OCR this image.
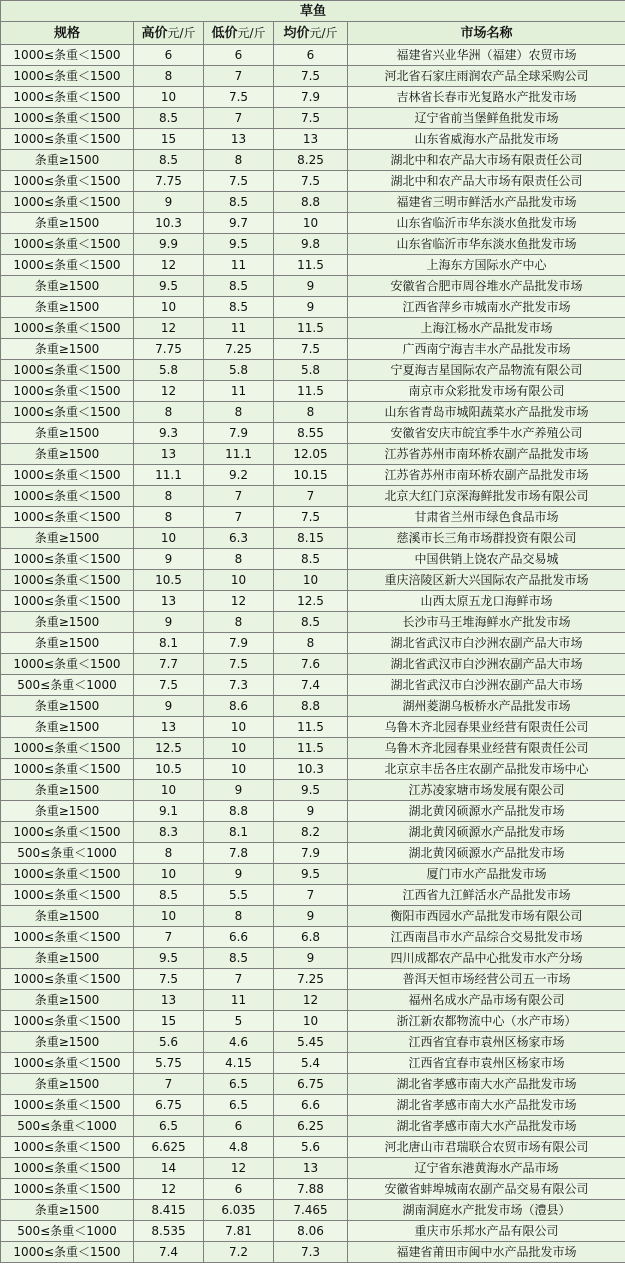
草鱼				
规格	高价元/斤	低价元/斤	均价元/斤	市场名称
1000≤条重＜1500	6	6	6	福建省兴业华洲（福建）农贸市场
1000≤条重＜1500	8	7	7.5	河北省石家庄雨润农产品全球采购公司
1000≤条重＜1500	10	7.5	7.9	吉林省长春市光复路水产批发市场
1000≤条重＜1500	8.5	7	7.5	辽宁省前当堡鲜鱼批发市场
1000≤条重＜1500	15	13	13	山东省威海水产品批发市场
条重≥1500	8.5	8	8.25	湖北中和农产品大市场有限责任公司
1000≤条重＜1500	7.75	7.5	7.5	湖北中和农产品大市场有限责任公司
1000≤条重＜1500	9	8.5	8.8	福建省三明市鲜活水产品批发市场
条重≥1500	10.3	9.7	10	山东省临沂市华东淡水鱼批发市场
1000≤条重＜1500	9.9	9.5	9.8	山东省临沂市华东淡水鱼批发市场
1000≤条重＜1500	12	11	11.5	上海东方国际水产中心
条重≥1500	9.5	8.5	9	安徽省合肥市周谷堆水产品批发市场
条重≥1500	10	8.5	9	江西省萍乡市城南水产批发市场
1000≤条重＜1500	12	11	11.5	上海江杨水产品批发市场
条重≥1500	7.75	7.25	7.5	广西南宁海吉丰水产品批发市场
1000≤条重＜1500	5.8	5.8	5.8	宁夏海吉星国际农产品物流有限公司
1000≤条重＜1500	12	11	11.5	南京市众彩批发市场有限公司
1000≤条重＜1500	8	8	8	山东省青岛市城阳蔬菜水产品批发市场
条重≥1500	9.3	7.9	8.55	安徽省安庆市皖宜季牛水产养殖公司
条重≥1500	13	11.1	12.05	江苏省苏州市南环桥农副产品批发市场
1000≤条重＜1500	11.1	9.2	10.15	江苏省苏州市南环桥农副产品批发市场
1000≤条重＜1500	8	7	7	北京大红门京深海鲜批发市场有限公司
1000≤条重＜1500	8	7	7.5	甘肃省兰州市绿色食品市场
条重≥1500	10	6.3	8.15	慈溪市长三角市场群投资有限公司
1000≤条重＜1500	9	8	8.5	中国供销上饶农产品交易城
1000≤条重＜1500	10.5	10	10	重庆涪陵区新大兴国际农产品批发市场
1000≤条重＜1500	13	12	12.5	山西太原五龙口海鲜市场
条重≥1500	9	8	8.5	长沙市马王堆海鲜水产批发市场
条重≥1500	8.1	7.9	8	湖北省武汉市白沙洲农副产品大市场
1000≤条重＜1500	7.7	7.5	7.6	湖北省武汉市白沙洲农副产品大市场
500≤条重＜1000	7.5	7.3	7.4	湖北省武汉市白沙洲农副产品大市场
条重≥1500	9	8.6	8.8	湖州菱湖乌板桥水产品批发市场
条重≥1500	13	10	11.5	乌鲁木齐北园春果业经营有限责任公司
1000≤条重＜1500	12.5	10	11.5	乌鲁木齐北园春果业经营有限责任公司
1000≤条重＜1500	10.5	10	10.3	北京京丰岳各庄农副产品批发市场中心
条重≥1500	10	9	9.5	江苏凌家塘市场发展有限公司
条重≥1500	9.1	8.8	9	湖北黄冈硕源水产品批发市场
1000≤条重＜1500	8.3	8.1	8.2	湖北黄冈硕源水产品批发市场
500≤条重＜1000	8	7.8	7.9	湖北黄冈硕源水产品批发市场
1000≤条重＜1500	10	9	9.5	厦门市水产品批发市场
1000≤条重＜1500	8.5	5.5	7	江西省九江鲜活水产品批发市场
条重≥1500	10	8	9	衡阳市西园水产品批发市场有限公司
1000≤条重＜1500	7	6.6	6.8	江西南昌市水产品综合交易批发市场
条重≥1500	9.5	8.5	9	四川成都农产品中心批发市水产分场
1000≤条重＜1500	7.5	7	7.25	普洱天恒市场经营公司五一市场
条重≥1500	13	11	12	福州名成水产品市场有限公司
1000≤条重＜1500	15	5	10	浙江新农都物流中心（水产市场）
条重≥1500	5.6	4.6	5.45	江西省宜春市袁州区杨家市场
1000≤条重＜1500	5.75	4.15	5.4	江西省宜春市袁州区杨家市场
条重≥1500	7	6.5	6.75	湖北省孝感市南大水产品批发市场
1000≤条重＜1500	6.75	6.5	6.6	湖北省孝感市南大水产品批发市场
500≤条重＜1000	6.5	6	6.25	湖北省孝感市南大水产品批发市场
1000≤条重＜1500	6.625	4.8	5.6	河北唐山市君瑞联合农贸市场有限公司
1000≤条重＜1500	14	12	13	辽宁省东港黄海水产品市场
1000≤条重＜1500	12	6	7.88	安徽省蚌埠城南农副产品交易有限公司
条重≥1500	8.415	6.035	7.465	湖南洞庭水产批发市场（澧县）
500≤条重＜1000	8.535	7.81	8.06	重庆市乐邦水产品有限公司
1000≤条重＜1500	7.4	7.2	7.3	福建省莆田市闽中水产品批发市场
